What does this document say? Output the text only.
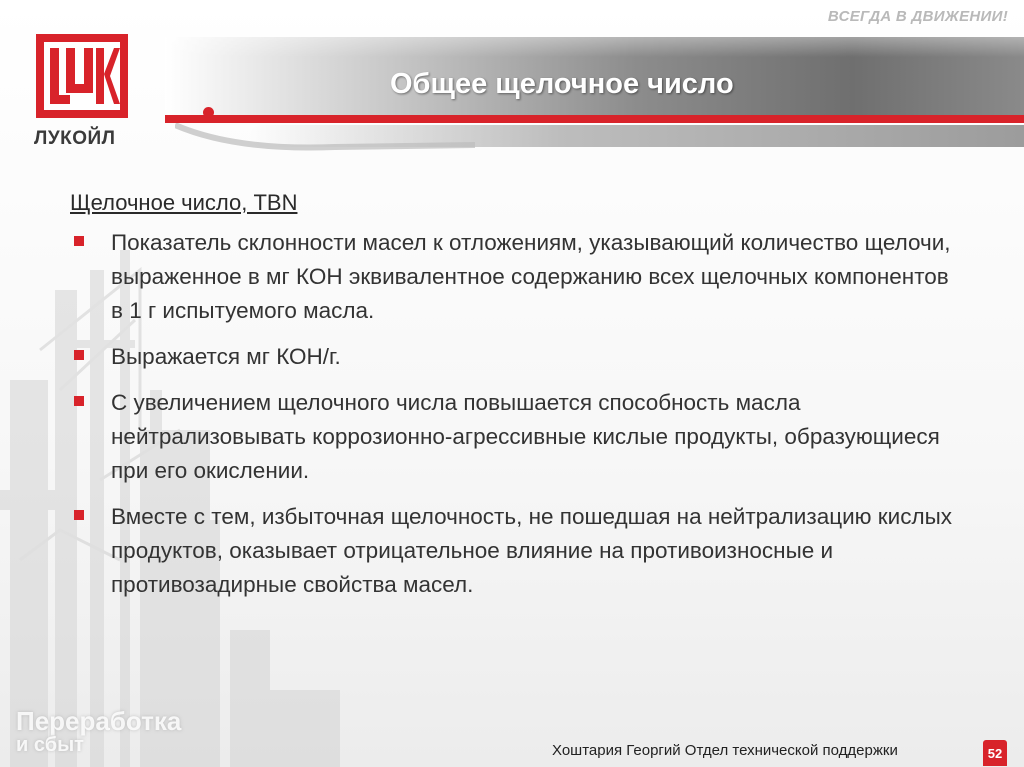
ВСЕГДА В ДВИЖЕНИИ!
ЛУКОЙЛ
Общее щелочное число
Щелочное число, TBN
Показатель склонности масел к отложениям, указывающий количество щелочи, выраженное в мг КОН эквивалентное содержанию всех щелочных компонентов в 1 г испытуемого масла.
Выражается мг КОН/г.
С увеличением щелочного числа повышается способность масла нейтрализовывать коррозионно-агрессивные кислые продукты, образующиеся при его окислении.
Вместе с тем, избыточная щелочность, не пошедшая на нейтрализацию кислых продуктов, оказывает отрицательное влияние на противоизносные и противозадирные свойства масел.
Переработка
и сбыт	Хоштария Георгий Отдел технической поддержки	52
